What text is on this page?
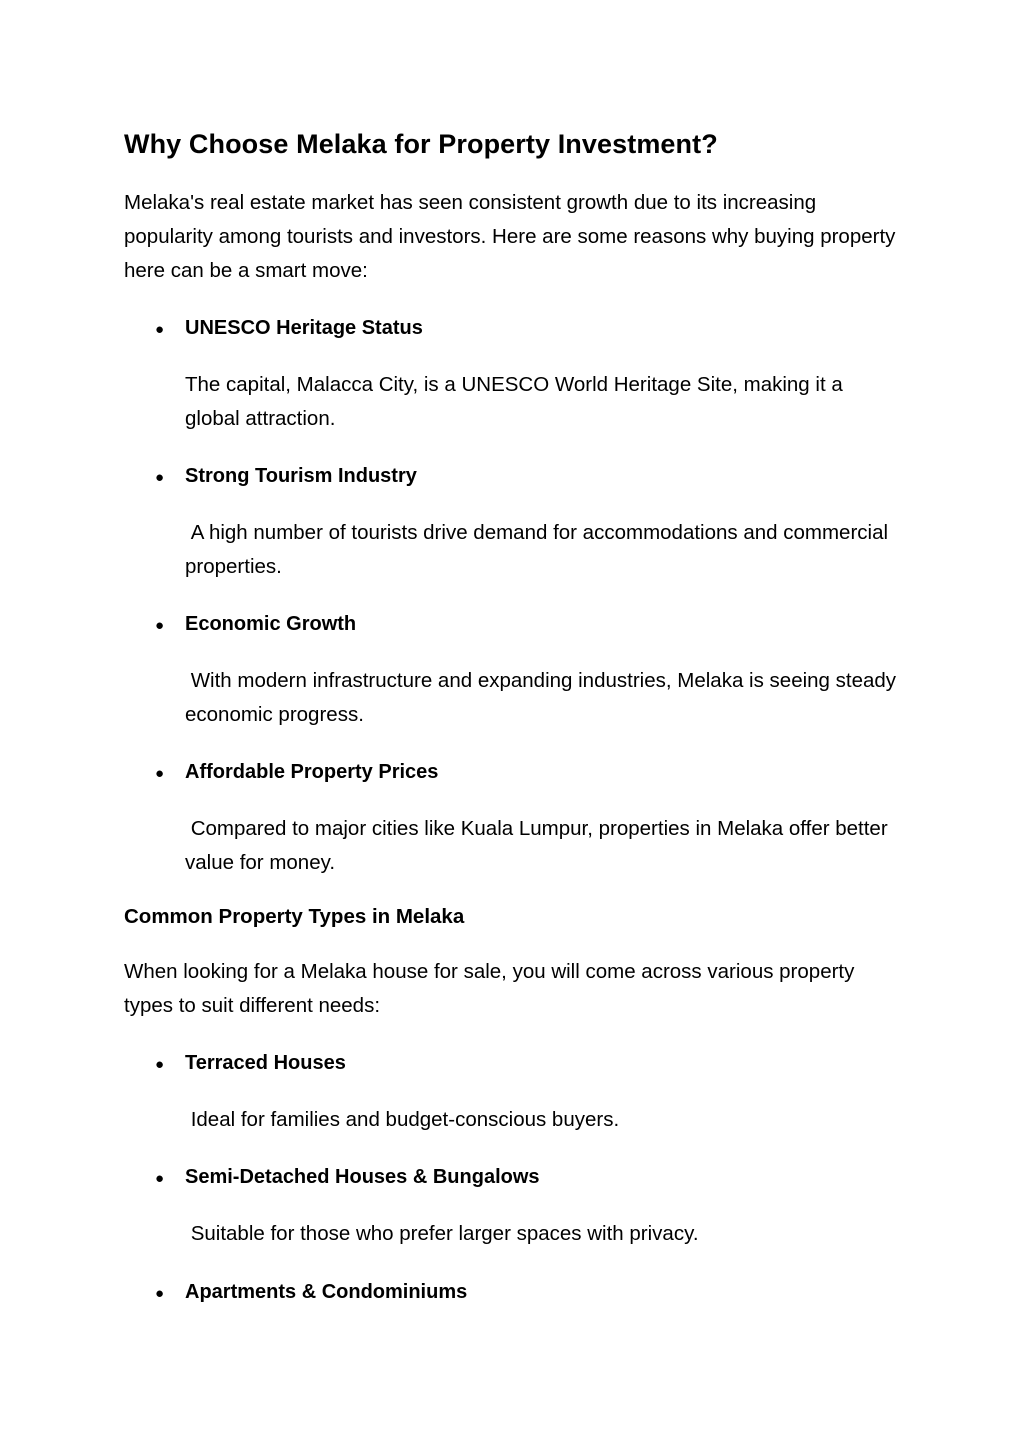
Why Choose Melaka for Property Investment?

Melaka's real estate market has seen consistent growth due to its increasing popularity among tourists and investors. Here are some reasons why buying property here can be a smart move:

●	UNESCO Heritage Status

The capital, Malacca City, is a UNESCO World Heritage Site, making it a global attraction.

●	Strong Tourism Industry

A high number of tourists drive demand for accommodations and commercial properties.

●	Economic Growth

With modern infrastructure and expanding industries, Melaka is seeing steady economic progress.

●	Affordable Property Prices

Compared to major cities like Kuala Lumpur, properties in Melaka offer better value for money.

Common Property Types in Melaka

When looking for a Melaka house for sale, you will come across various property types to suit different needs:

●	Terraced Houses

Ideal for families and budget-conscious buyers.

●	Semi-Detached Houses & Bungalows

Suitable for those who prefer larger spaces with privacy.

●	Apartments & Condominiums
